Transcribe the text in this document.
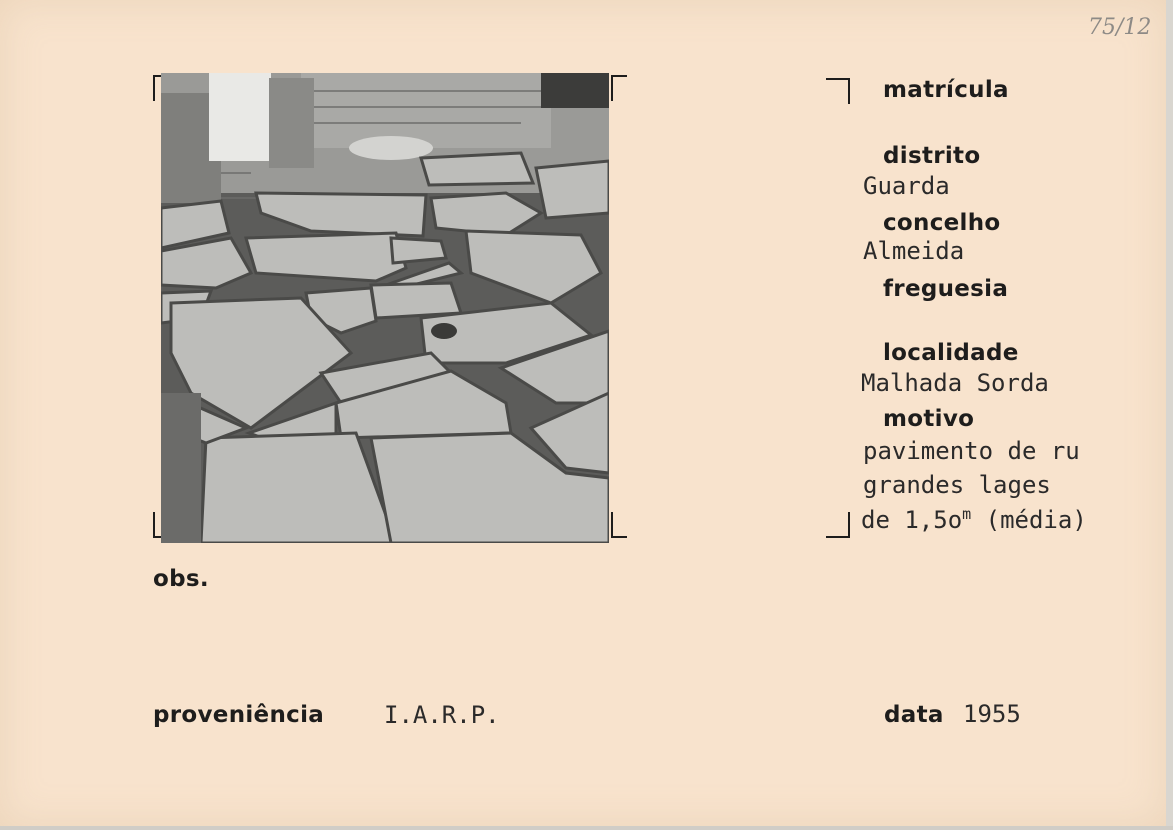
75/12
matrícula
distrito
Guarda
concelho
Almeida
freguesia
localidade
Malhada Sorda
motivo
pavimento de ru
grandes lages
de $1,5o^m$ (média)
obs.
proveniência I.A.R.P.	data 1955
